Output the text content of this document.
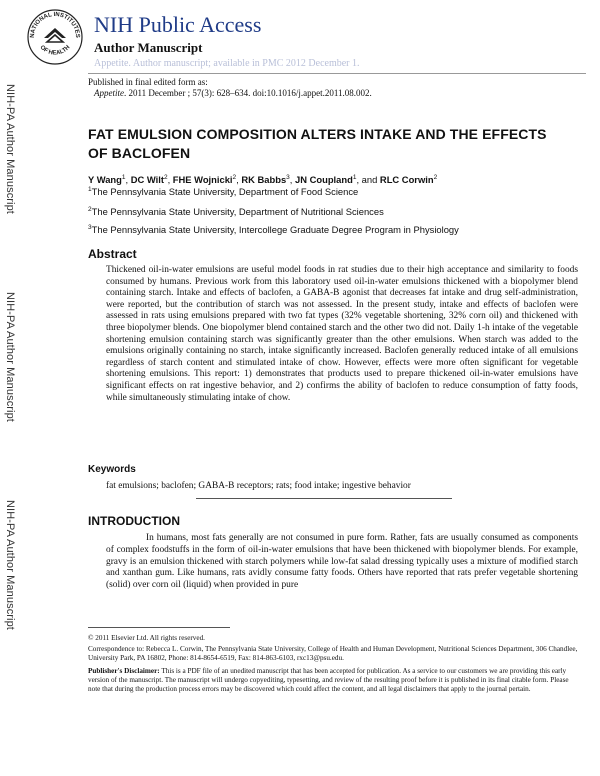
NATIONAL INSTITUTES
OF HEALTH
NIH Public Access
Author Manuscript
Appetite. Author manuscript; available in PMC 2012 December 1.
Published in final edited form as:
Appetite. 2011 December ; 57(3): 628–634. doi:10.1016/j.appet.2011.08.002.
NIH-PA Author Manuscript
NIH-PA Author Manuscript
NIH-PA Author Manuscript
FAT EMULSION COMPOSITION ALTERS INTAKE AND THE EFFECTS OF BACLOFEN
Y Wang$^1$, DC Wilt$^2$, FHE Wojnicki$^2$, RK Babbs$^3$, JN Coupland$^1$, and RLC Corwin$^2$
$^1$The Pennsylvania State University, Department of Food Science
$^2$The Pennsylvania State University, Department of Nutritional Sciences
$^3$The Pennsylvania State University, Intercollege Graduate Degree Program in Physiology
Abstract
Thickened oil-in-water emulsions are useful model foods in rat studies due to their high acceptance and similarity to foods consumed by humans. Previous work from this laboratory used oil-in-water emulsions thickened with a biopolymer blend containing starch. Intake and effects of baclofen, a GABA-B agonist that decreases fat intake and drug self-administration, were reported, but the contribution of starch was not assessed. In the present study, intake and effects of baclofen were assessed in rats using emulsions prepared with two fat types (32% vegetable shortening, 32% corn oil) and thickened with three biopolymer blends. One biopolymer blend contained starch and the other two did not. Daily 1-h intake of the vegetable shortening emulsion containing starch was significantly greater than the other emulsions. When starch was added to the emulsions originally containing no starch, intake significantly increased. Baclofen generally reduced intake of all emulsions regardless of starch content and stimulated intake of chow. However, effects were more often significant for vegetable shortening emulsions. This report: 1) demonstrates that products used to prepare thickened oil-in-water emulsions have significant effects on rat ingestive behavior, and 2) confirms the ability of baclofen to reduce consumption of fatty foods, while simultaneously stimulating intake of chow.
Keywords
fat emulsions; baclofen; GABA-B receptors; rats; food intake; ingestive behavior
INTRODUCTION
In humans, most fats generally are not consumed in pure form. Rather, fats are usually consumed as components of complex foodstuffs in the form of oil-in-water emulsions that have been thickened with biopolymer blends. For example, gravy is an emulsion thickened with starch polymers while low-fat salad dressing typically uses a mixture of modified starch and xanthan gum. Like humans, rats avidly consume fatty foods. Others have reported that rats prefer vegetable shortening (solid) over corn oil (liquid) when provided in pure
© 2011 Elsevier Ltd. All rights reserved.
Correspondence to: Rebecca L. Corwin, The Pennsylvania State University, College of Health and Human Development, Nutritional Sciences Department, 306 Chandlee, University Park, PA 16802, Phone: 814-8654-6519, Fax: 814-863-6103, rxc13@psu.edu.
Publisher's Disclaimer: This is a PDF file of an unedited manuscript that has been accepted for publication. As a service to our customers we are providing this early version of the manuscript. The manuscript will undergo copyediting, typesetting, and review of the resulting proof before it is published in its final citable form. Please note that during the production process errors may be discovered which could affect the content, and all legal disclaimers that apply to the journal pertain.
